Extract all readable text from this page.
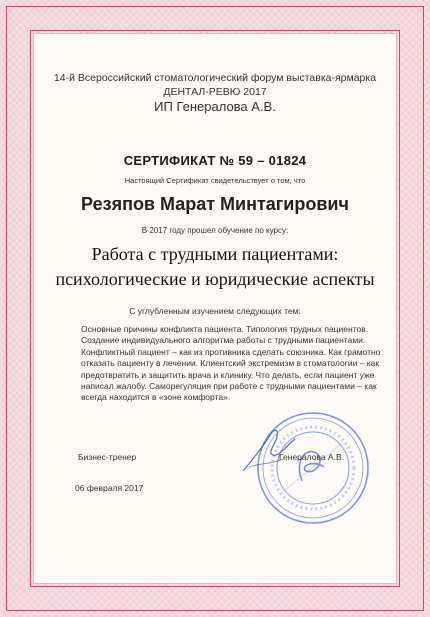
14-й Всероссийский стоматологический форум выставка-ярмарка
ДЕНТАЛ-РЕВЮ 2017
ИП Генералова А.В.
СЕРТИФИКАТ № 59 – 01824
Настоящий Сертификат свидетельствует о том, что
Резяпов Марат Минтагирович
В 2017 году прошел обучение по курсу:
Работа с трудными пациентами:
психологические и юридические аспекты
С углубленным изучением следующих тем:
Основные причины конфликта пациента. Типология трудных пациентов. Создание индивидуального алгоритма работы с трудными пациентами. Конфликтный пациент – как из противника сделать союзника. Как грамотно отказать пациенту в лечении. Клиентский экстремизм в стоматологии – как предотвратить и защитить врача и клинику. Что делать, если пациент уже написал жалобу. Саморегуляция при работе с трудными пациентами – как всегда находится в «зоне комфорта».
Бизнес-тренер	Генералова А.В.
06 февраля 2017
